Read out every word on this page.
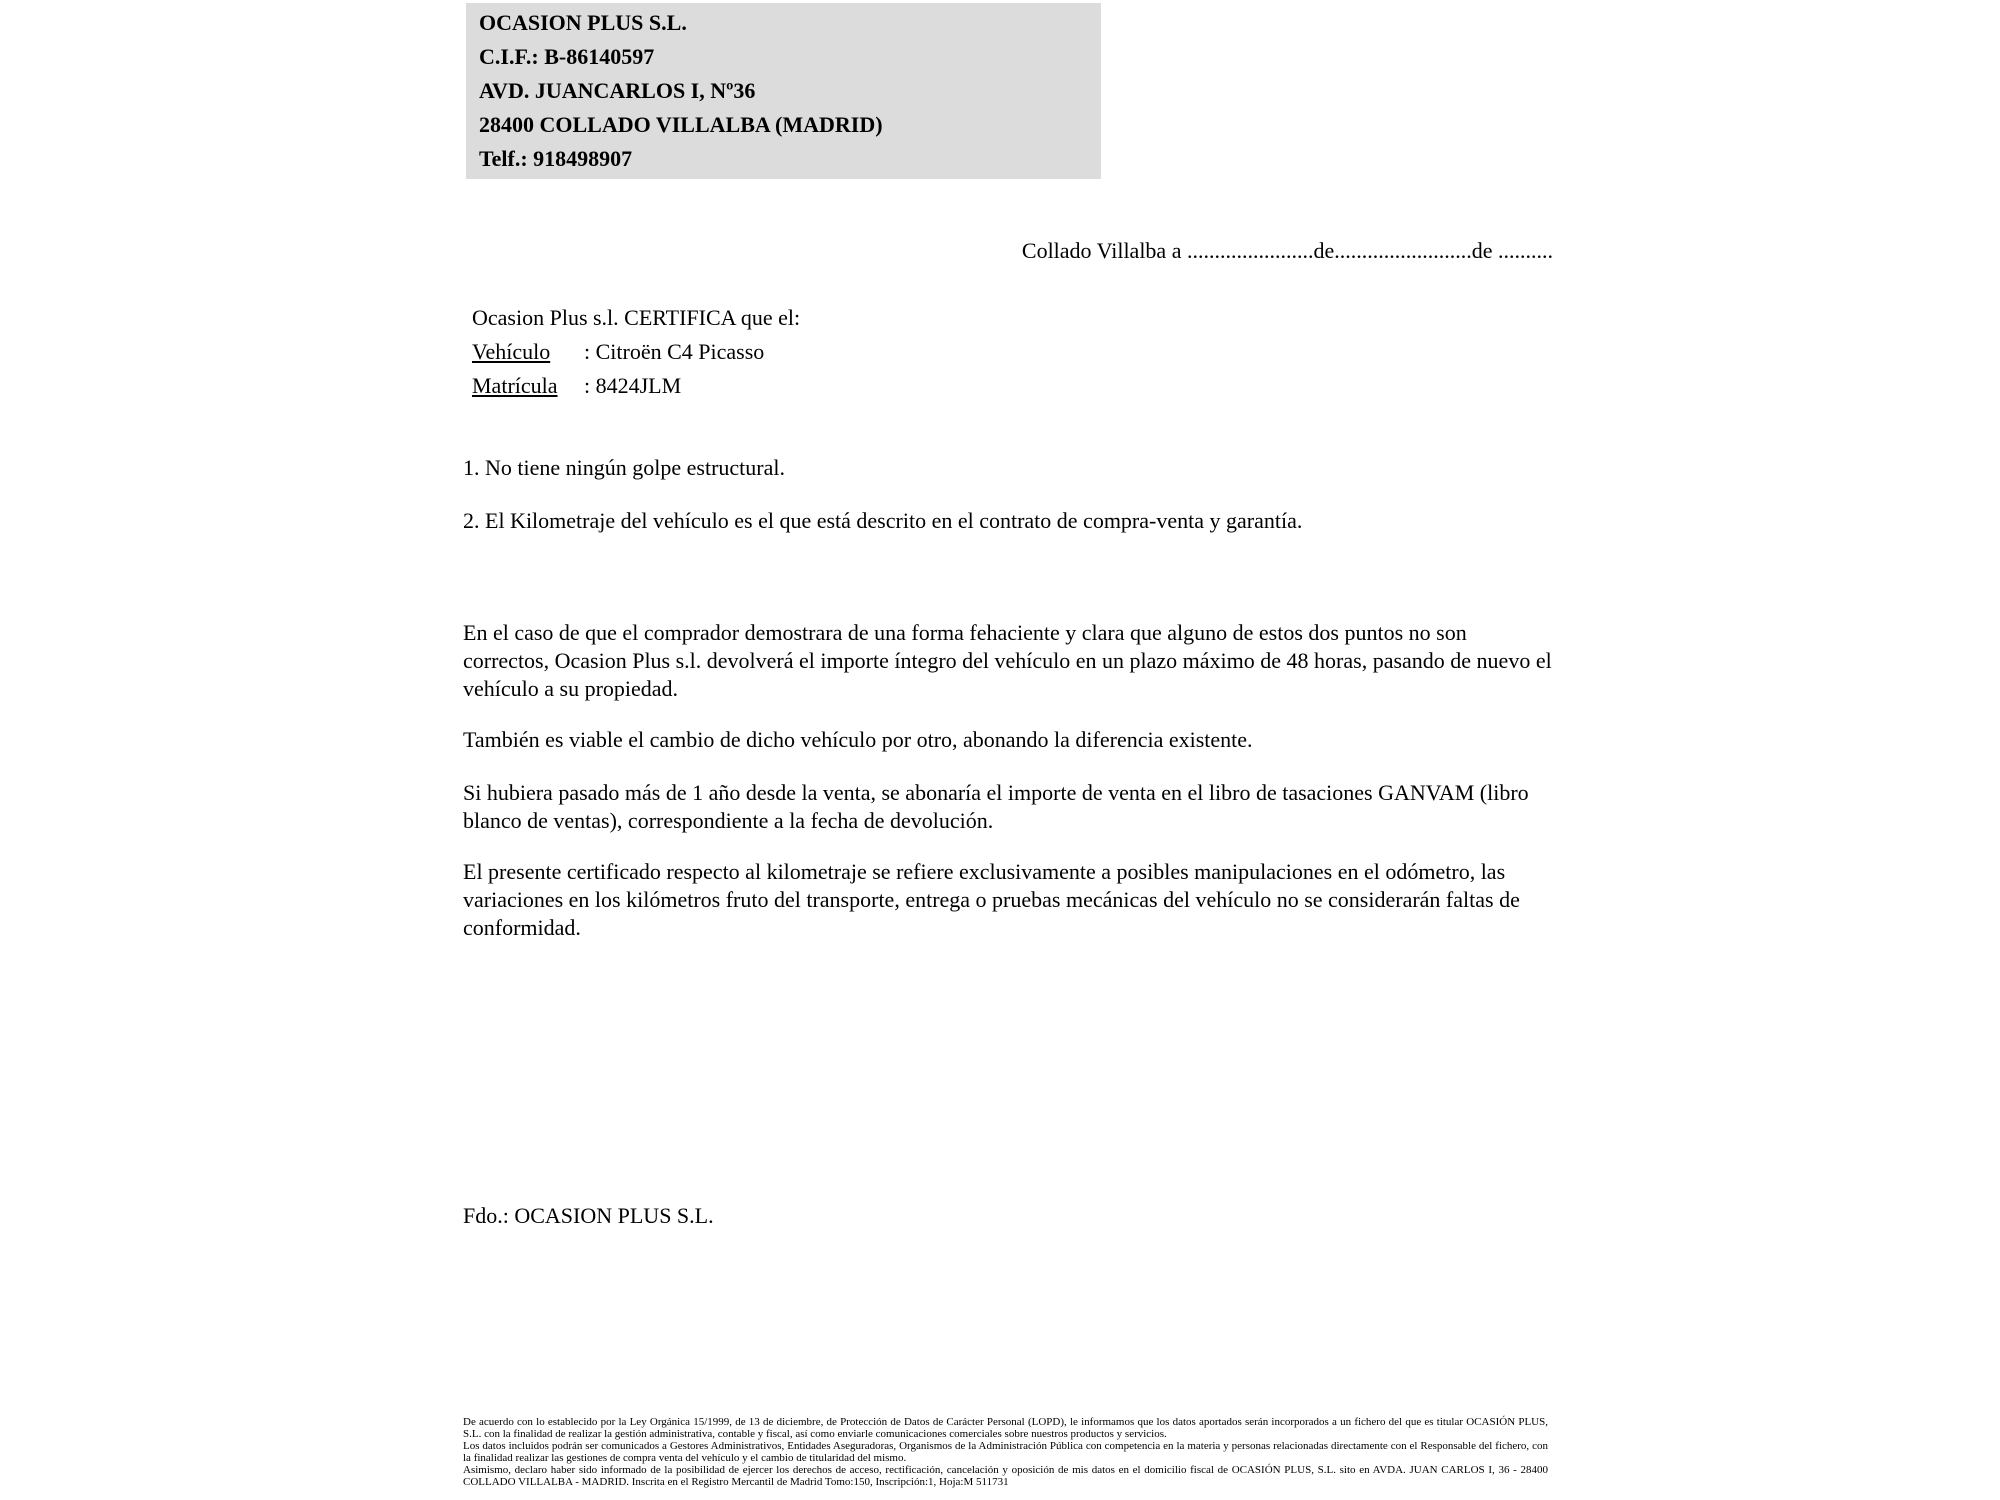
OCASION PLUS S.L.
C.I.F.: B-86140597
AVD. JUANCARLOS I, Nº36
28400 COLLADO VILLALBA (MADRID)
Telf.: 918498907
Collado Villalba a .......................de.........................de ..........
Ocasion Plus s.l. CERTIFICA que el:
Vehículo : Citroën C4 Picasso
Matrícula : 8424JLM
1. No tiene ningún golpe estructural.
2. El Kilometraje del vehículo es el que está descrito en el contrato de compra-venta y garantía.
En el caso de que el comprador demostrara de una forma fehaciente y clara que alguno de estos dos puntos no son correctos, Ocasion Plus s.l. devolverá el importe íntegro del vehículo en un plazo máximo de 48 horas, pasando de nuevo el vehículo a su propiedad.
También es viable el cambio de dicho vehículo por otro, abonando la diferencia existente.
Si hubiera pasado más de 1 año desde la venta, se abonaría el importe de venta en el libro de tasaciones GANVAM (libro blanco de ventas), correspondiente a la fecha de devolución.
El presente certificado respecto al kilometraje se refiere exclusivamente a posibles manipulaciones en el odómetro, las variaciones en los kilómetros fruto del transporte, entrega o pruebas mecánicas del vehículo no se considerarán faltas de conformidad.
Fdo.: OCASION PLUS S.L.

De acuerdo con lo establecido por la Ley Orgánica 15/1999, de 13 de diciembre, de Protección de Datos de Carácter Personal (LOPD), le informamos que los datos aportados serán incorporados a un fichero del que es titular OCASIÓN PLUS, S.L. con la finalidad de realizar la gestión administrativa, contable y fiscal, así como enviarle comunicaciones comerciales sobre nuestros productos y servicios.

Los datos incluidos podrán ser comunicados a Gestores Administrativos, Entidades Aseguradoras, Organismos de la Administración Pública con competencia en la materia y personas relacionadas directamente con el Responsable del fichero, con la finalidad realizar las gestiones de compra venta del vehículo y el cambio de titularidad del mismo.

Asimismo, declaro haber sido informado de la posibilidad de ejercer los derechos de acceso, rectificación, cancelación y oposición de mis datos en el domicilio fiscal de OCASIÓN PLUS, S.L. sito en AVDA. JUAN CARLOS I, 36 - 28400 COLLADO VILLALBA - MADRID. Inscrita en el Registro Mercantil de Madrid Tomo:150, Inscripción:1, Hoja:M 511731
